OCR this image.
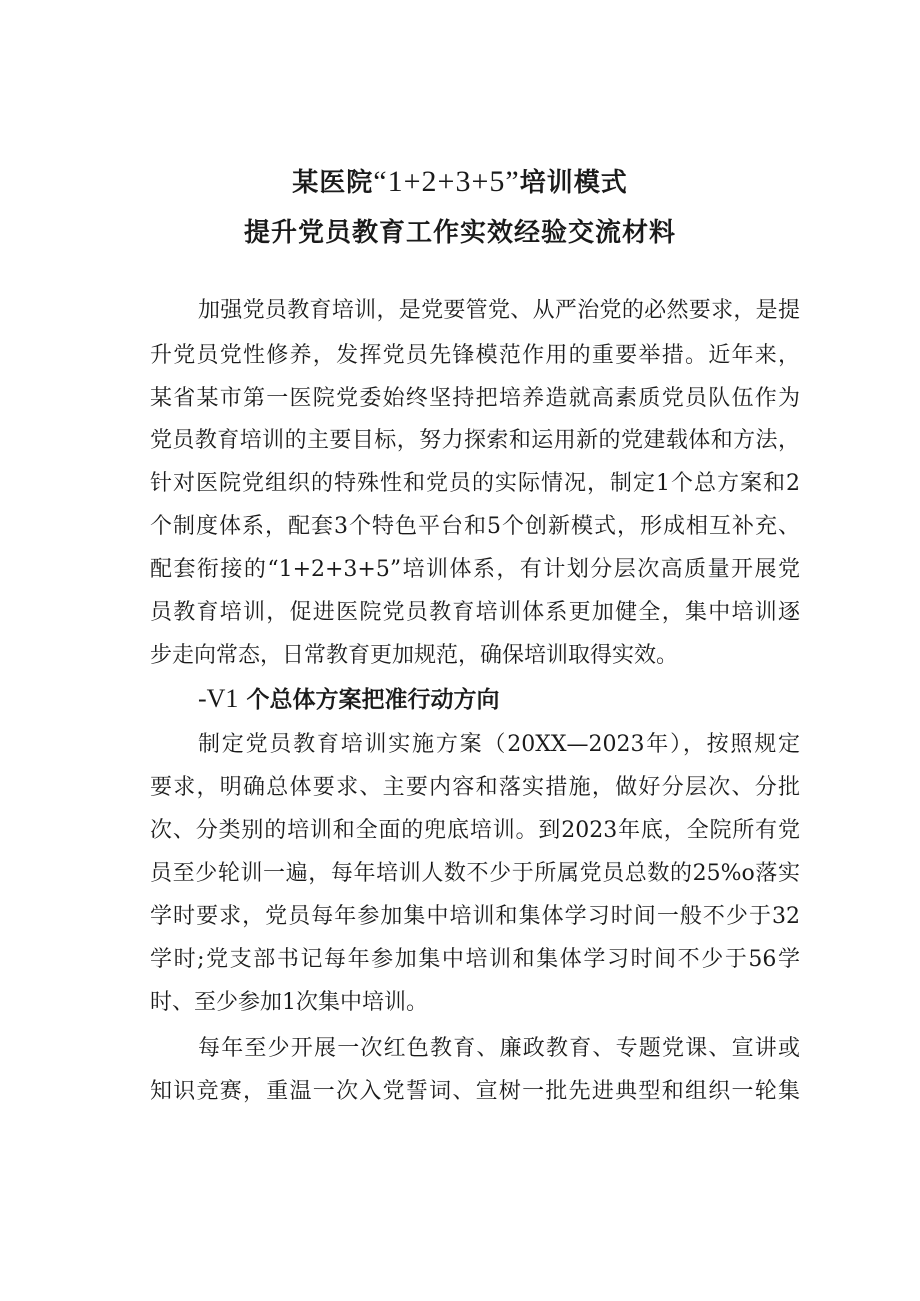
某医院“1+2+3+5”培训模式
提升党员教育工作实效经验交流材料
加强党员教育培训，是党要管党、从严治党的必然要求，是提
升党员党性修养，发挥党员先锋模范作用的重要举措。近年来，
某省某市第一医院党委始终坚持把培养造就高素质党员队伍作为
党员教育培训的主要目标，努力探索和运用新的党建载体和方法，
针对医院党组织的特殊性和党员的实际情况，制定1个总方案和2
个制度体系，配套3个特色平台和5个创新模式，形成相互补充、
配套衔接的“1+2+3+5”培训体系，有计划分层次高质量开展党
员教育培训，促进医院党员教育培训体系更加健全，集中培训逐
步走向常态，日常教育更加规范，确保培训取得实效。
-V1 个总体方案把准行动方向
制定党员教育培训实施方案（20XX—2023年），按照规定
要求，明确总体要求、主要内容和落实措施，做好分层次、分批
次、分类别的培训和全面的兜底培训。到2023年底，全院所有党
员至少轮训一遍，每年培训人数不少于所属党员总数的25%o落实
学时要求，党员每年参加集中培训和集体学习时间一般不少于32
学时;党支部书记每年参加集中培训和集体学习时间不少于56学
时、至少参加1次集中培训。
每年至少开展一次红色教育、廉政教育、专题党课、宣讲或
知识竞赛，重温一次入党誓词、宣树一批先进典型和组织一轮集
